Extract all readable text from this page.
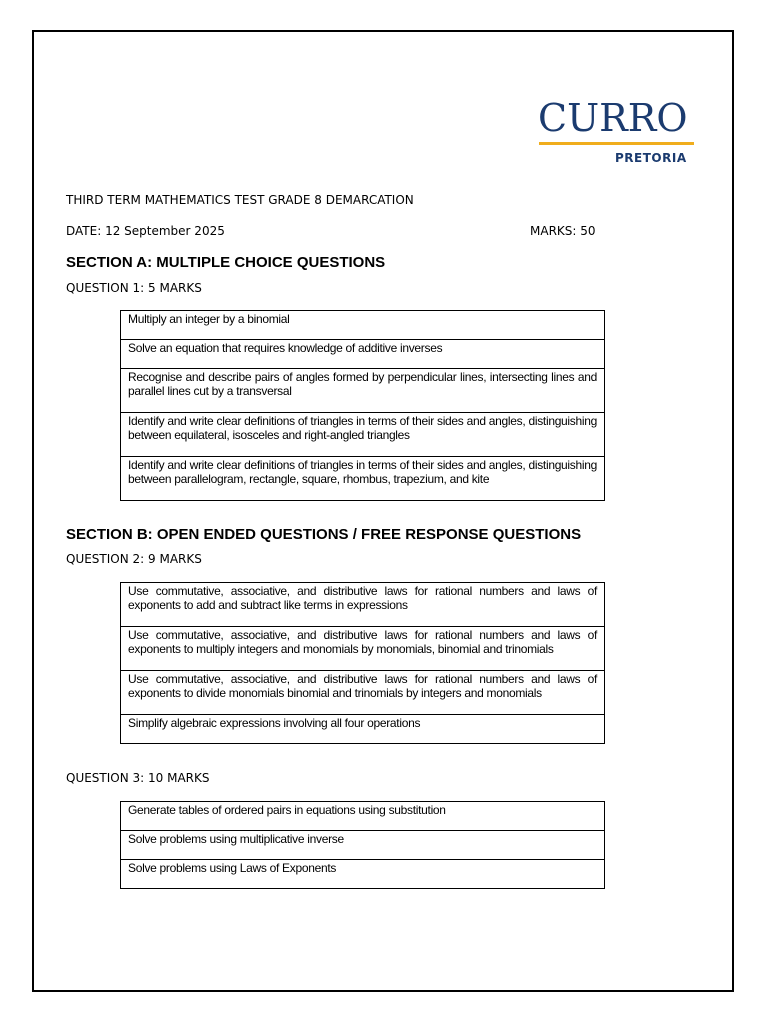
CURRO
PRETORIA
THIRD TERM MATHEMATICS TEST GRADE 8 DEMARCATION
DATE: 12 September 2025	MARKS: 50
SECTION A: MULTIPLE CHOICE QUESTIONS
QUESTION 1: 5 MARKS
Multiply an integer by a binomial

Solve an equation that requires knowledge of additive inverses

Recognise and describe pairs of angles formed by perpendicular lines, intersecting lines and parallel lines cut by a transversal

Identify and write clear definitions of triangles in terms of their sides and angles, distinguishing between equilateral, isosceles and right-angled triangles

Identify and write clear definitions of triangles in terms of their sides and angles, distinguishing between parallelogram, rectangle, square, rhombus, trapezium, and kite
SECTION B: OPEN ENDED QUESTIONS / FREE RESPONSE QUESTIONS
QUESTION 2: 9 MARKS
Use commutative, associative, and distributive laws for rational numbers and laws of exponents to add and subtract like terms in expressions

Use commutative, associative, and distributive laws for rational numbers and laws of exponents to multiply integers and monomials by monomials, binomial and trinomials

Use commutative, associative, and distributive laws for rational numbers and laws of exponents to divide monomials binomial and trinomials by integers and monomials

Simplify algebraic expressions involving all four operations
QUESTION 3: 10 MARKS
Generate tables of ordered pairs in equations using substitution

Solve problems using multiplicative inverse

Solve problems using Laws of Exponents
